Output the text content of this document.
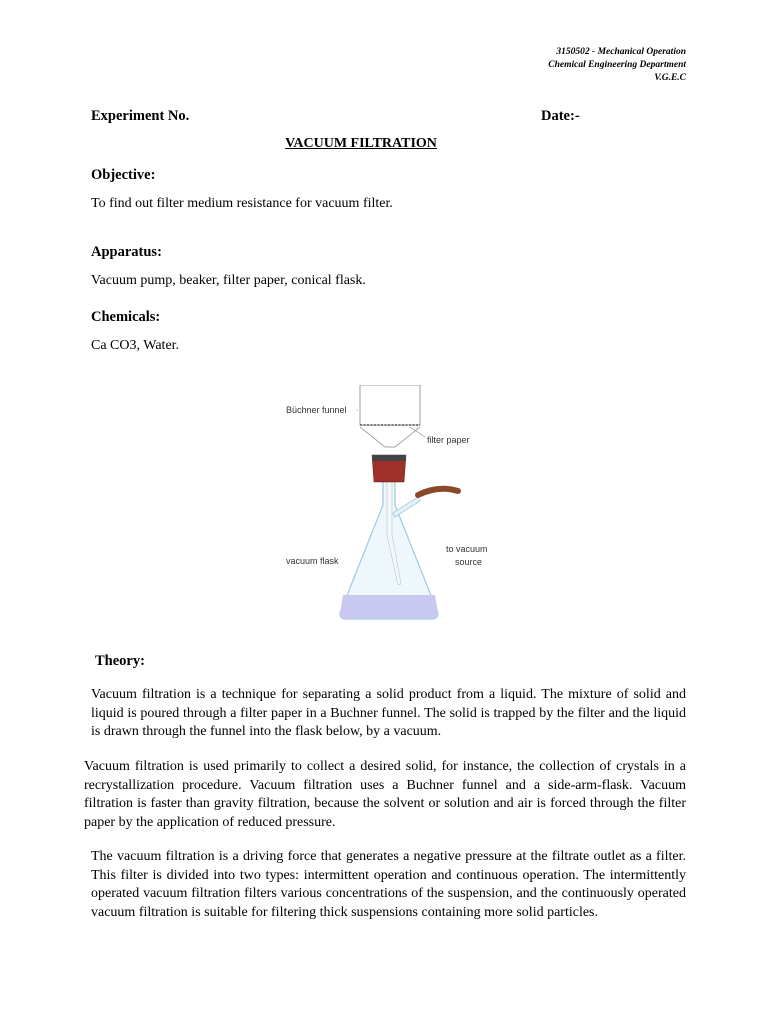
3150502 - Mechanical Operation
Chemical Engineering Department
V.G.E.C
Experiment No.	Date:-
VACUUM FILTRATION
Objective:
To find out filter medium resistance for vacuum filter.
Apparatus:
Vacuum pump, beaker, filter paper, conical flask.
Chemicals:
Ca CO3, Water.
Büchner funnel
filter paper
to vacuum
source
vacuum flask
Theory:
Vacuum filtration is a technique for separating a solid product from a liquid. The mixture of solid and liquid is poured through a filter paper in a Buchner funnel. The solid is trapped by the filter and the liquid is drawn through the funnel into the flask below, by a vacuum.
Vacuum filtration is used primarily to collect a desired solid, for instance, the collection of crystals in a recrystallization procedure. Vacuum filtration uses a Buchner funnel and a side-arm-flask. Vacuum filtration is faster than gravity filtration, because the solvent or solution and air is forced through the filter paper by the application of reduced pressure.
The vacuum filtration is a driving force that generates a negative pressure at the filtrate outlet as a filter. This filter is divided into two types: intermittent operation and continuous operation. The intermittently operated vacuum filtration filters various concentrations of the suspension, and the continuously operated vacuum filtration is suitable for filtering thick suspensions containing more solid particles.
